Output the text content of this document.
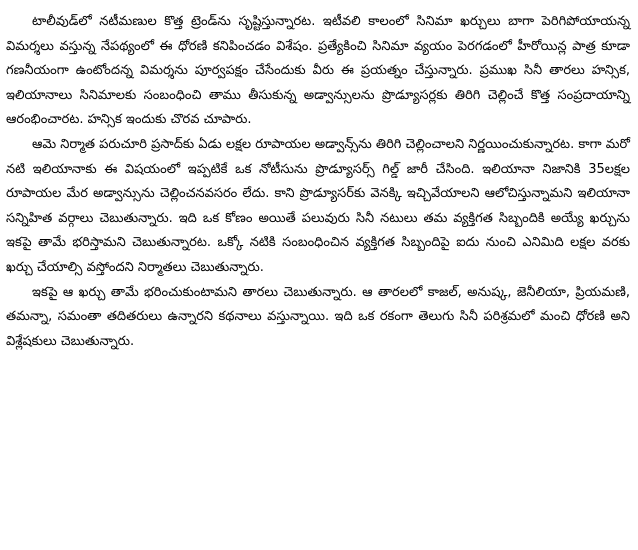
టాలీవుడ్‌లో నటీమణుల కొత్త ట్రెండ్‌ను సృష్టిస్తున్నారట. ఇటీవలి కాలంలో సినిమా ఖర్చులు బాగా పెరిగిపోయాయన్న విమర్శలు వస్తున్న నేపథ్యంలో ఈ ధోరణి కనిపించడం విశేషం. ప్రత్యేకించి సినిమా వ్యయం పెరగడంలో హీరోయిన్ల పాత్ర కూడా గణనీయంగా ఉంటోందన్న విమర్శను పూర్వపక్షం చేసేందుకు వీరు ఈ ప్రయత్నం చేస్తున్నారు. ప్రముఖ సినీ తారలు హన్సిక, ఇలియానాలు సినిమాలకు సంబంధించి తాము తీసుకున్న అడ్వాన్సులను ప్రొడ్యూసర్లకు తిరిగి చెల్లించే కొత్త సంప్రదాయాన్ని ఆరంభించారట. హన్సిక ఇందుకు చొరవ చూపారు.

ఆమె నిర్మాత పరుచూరి ప్రసాద్‌కు ఏడు లక్షల రూపాయల అడ్వాన్స్‌ను తిరిగి చెల్లించాలని నిర్ణయించుకున్నారట. కాగా మరో నటి ఇలియానాకు ఈ విషయంలో ఇప్పటికే ఒక నోటీసును ప్రొడ్యూసర్స్ గిల్డ్ జారీ చేసింది. ఇలియానా నిజానికి 35లక్షల రూపాయల మేర అడ్వాన్సును చెల్లించనవసరం లేదు. కాని ప్రొడ్యూసర్‌కు వెనక్కి ఇచ్చివేయాలని ఆలోచిస్తున్నామని ఇలియానా సన్నిహిత వర్గాలు చెబుతున్నారు. ఇది ఒక కోణం అయితే పలువురు సినీ నటులు తమ వ్యక్తిగత సిబ్బందికి అయ్యే ఖర్చును ఇకపై తామే భరిస్తామని చెబుతున్నారట. ఒక్కో నటికి సంబంధించిన వ్యక్తిగత సిబ్బందిపై ఐదు నుంచి ఎనిమిది లక్షల వరకు ఖర్చు చేయాల్సి వస్తోందని నిర్మాతలు చెబుతున్నారు.

ఇకపై ఆ ఖర్చు తామే భరించుకుంటామని తారలు చెబుతున్నారు. ఆ తారలలో కాజల్, అనుష్క, జెనీలియా, ప్రియమణి, తమన్నా, సమంతా తదితరులు ఉన్నారని కథనాలు వస్తున్నాయి. ఇది ఒక రకంగా తెలుగు సినీ పరిశ్రమలో మంచి ధోరణి అని విశ్లేషకులు చెబుతున్నారు.
